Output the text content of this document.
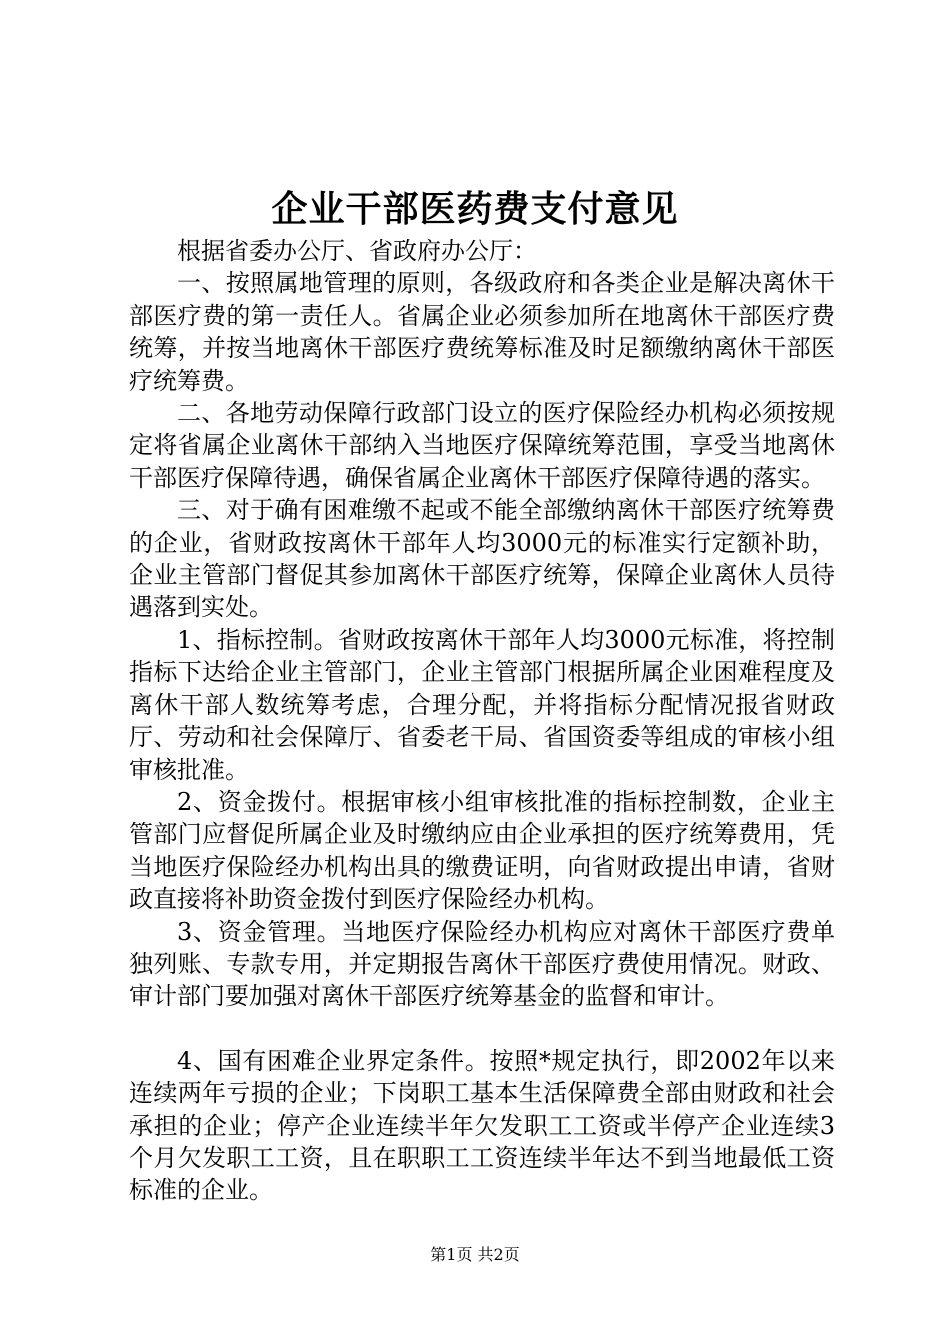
企业干部医药费支付意见

根据省委办公厅、省政府办公厅：

一、按照属地管理的原则，各级政府和各类企业是解决离休干部医疗费的第一责任人。省属企业必须参加所在地离休干部医疗费统筹，并按当地离休干部医疗费统筹标准及时足额缴纳离休干部医疗统筹费。

二、各地劳动保障行政部门设立的医疗保险经办机构必须按规定将省属企业离休干部纳入当地医疗保障统筹范围，享受当地离休干部医疗保障待遇，确保省属企业离休干部医疗保障待遇的落实。

三、对于确有困难缴不起或不能全部缴纳离休干部医疗统筹费的企业，省财政按离休干部年人均3000元的标准实行定额补助，企业主管部门督促其参加离休干部医疗统筹，保障企业离休人员待遇落到实处。

1、指标控制。省财政按离休干部年人均3000元标准，将控制指标下达给企业主管部门，企业主管部门根据所属企业困难程度及离休干部人数统筹考虑，合理分配，并将指标分配情况报省财政厅、劳动和社会保障厅、省委老干局、省国资委等组成的审核小组审核批准。

2、资金拨付。根据审核小组审核批准的指标控制数，企业主管部门应督促所属企业及时缴纳应由企业承担的医疗统筹费用，凭当地医疗保险经办机构出具的缴费证明，向省财政提出申请，省财政直接将补助资金拨付到医疗保险经办机构。

3、资金管理。当地医疗保险经办机构应对离休干部医疗费单独列账、专款专用，并定期报告离休干部医疗费使用情况。财政、审计部门要加强对离休干部医疗统筹基金的监督和审计。

4、国有困难企业界定条件。按照*规定执行，即2002年以来连续两年亏损的企业；下岗职工基本生活保障费全部由财政和社会承担的企业；停产企业连续半年欠发职工工资或半停产企业连续3个月欠发职工工资，且在职职工工资连续半年达不到当地最低工资标准的企业。

第1页 共2页
